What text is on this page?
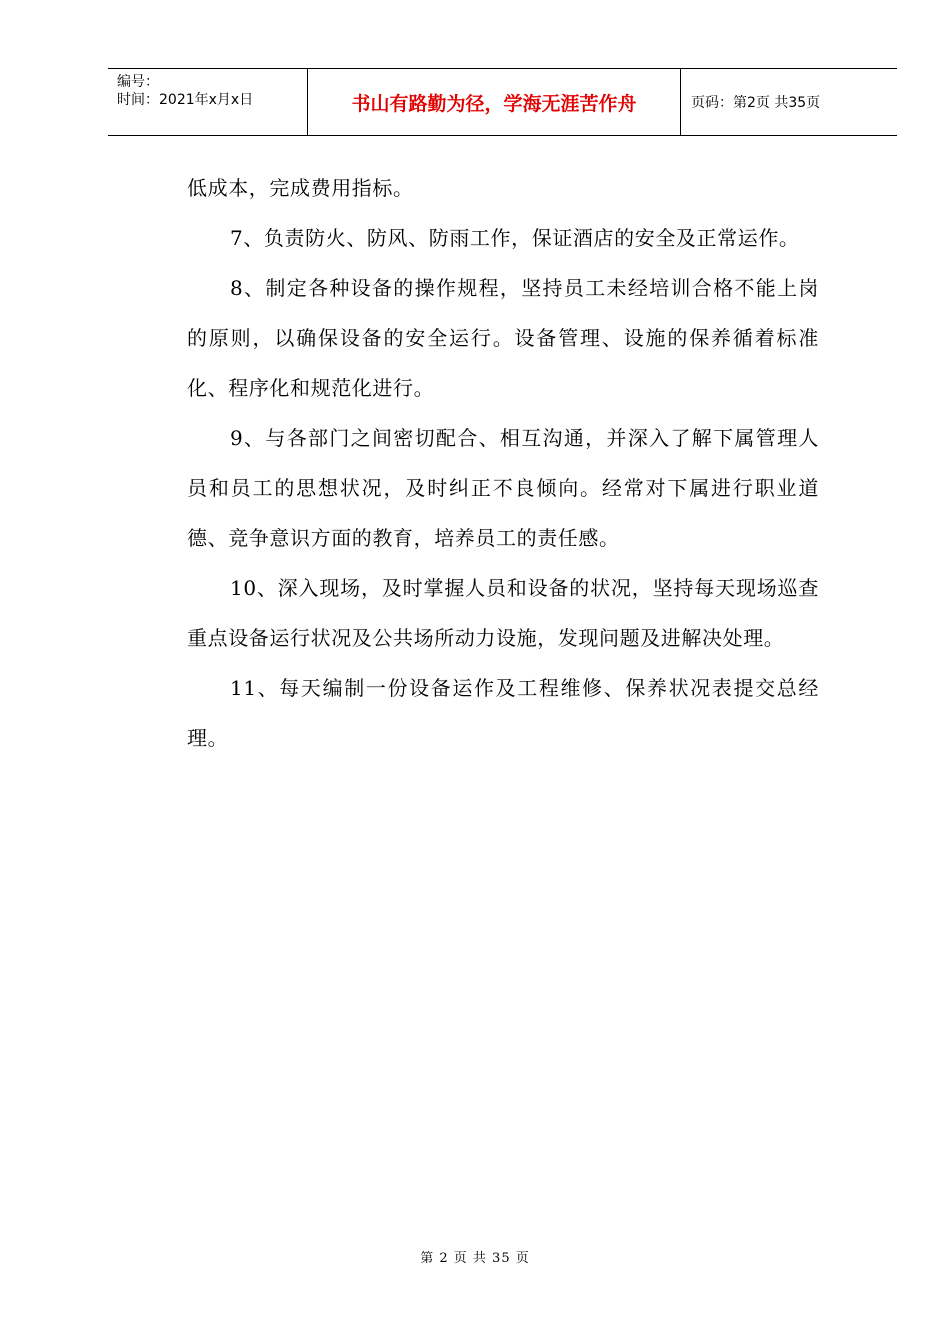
编号：
时间：2021年x月x日	书山有路勤为径，学海无涯苦作舟	页码：第2页 共35页

低成本，完成费用指标。

7、负责防火、防风、防雨工作，保证酒店的安全及正常运作。

8、制定各种设备的操作规程，坚持员工未经培训合格不能上岗的原则，以确保设备的安全运行。设备管理、设施的保养循着标准化、程序化和规范化进行。

9、与各部门之间密切配合、相互沟通，并深入了解下属管理人员和员工的思想状况，及时纠正不良倾向。经常对下属进行职业道德、竞争意识方面的教育，培养员工的责任感。

10、深入现场，及时掌握人员和设备的状况，坚持每天现场巡查重点设备运行状况及公共场所动力设施，发现问题及进解决处理。

11、每天编制一份设备运作及工程维修、保养状况表提交总经理。

第 2 页 共 35 页
